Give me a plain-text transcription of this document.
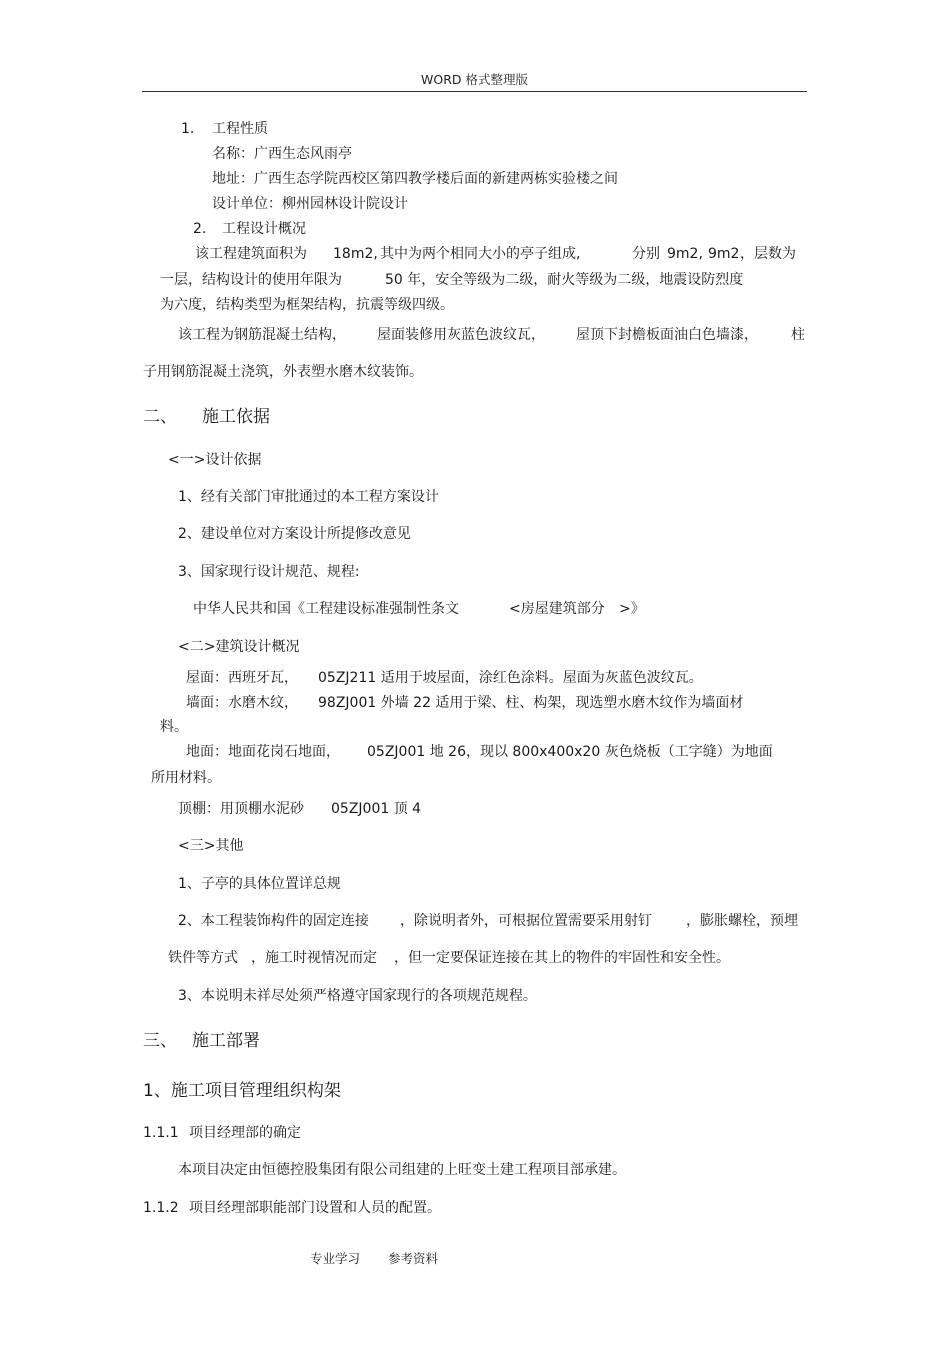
WORD 格式整理版
1. 工程性质
名称：广西生态风雨亭
地址：广西生态学院西校区第四教学楼后面的新建两栋实验楼之间
设计单位：柳州园林设计院设计
2. 工程设计概况
该工程建筑面积为 18m2, 其中为两个相同大小的亭子组成,	分别 9m2, 9m2 ，层数为
一层，结构设计的使用年限为	50 年，安全等级为二级，耐火等级为二级，地震设防烈度
为六度，结构类型为框架结构，抗震等级四级。
该工程为钢筋混凝土结构， 屋面装修用灰蓝色波纹瓦， 屋顶下封檐板面油白色墙漆， 柱
子用钢筋混凝土浇筑，外表塑水磨木纹装饰。
二、 施工依据
<一>设计依据
1、经有关部门审批通过的本工程方案设计
2、建设单位对方案设计所提修改意见
3、国家现行设计规范、规程:
中华人民共和国《工程建设标准强制性条文	<房屋建筑部分 >》
<二>建筑设计概况
屋面：西班牙瓦， 05ZJ211 适用于坡屋面，涂红色涂料。屋面为灰蓝色波纹瓦。
墙面：水磨木纹， 98ZJ001 外墙 22 适用于梁、柱、构架，现选塑水磨木纹作为墙面材
料。
地面：地面花岗石地面， 05ZJ001 地 26，现以 800x400x20 灰色烧板（工字缝）为地面
所用材料。
顶棚：用顶棚水泥砂 05ZJ001 顶 4
<三>其他
1、子亭的具体位置详总规
2、本工程装饰构件的固定连接 ，除说明者外，可根据位置需要采用射钉 ，膨胀螺栓，预埋
铁件等方式 ，施工时视情况而定 ，但一定要保证连接在其上的物件的牢固性和安全性。
3、本说明未祥尽处须严格遵守国家现行的各项规范规程。
三、 施工部署
1、施工项目管理组织构架
1.1.1 项目经理部的确定
本项目决定由恒德控股集团有限公司组建的上旺变土建工程项目部承建。
1.1.2 项目经理部职能部门设置和人员的配置。
专业学习 参考资料
